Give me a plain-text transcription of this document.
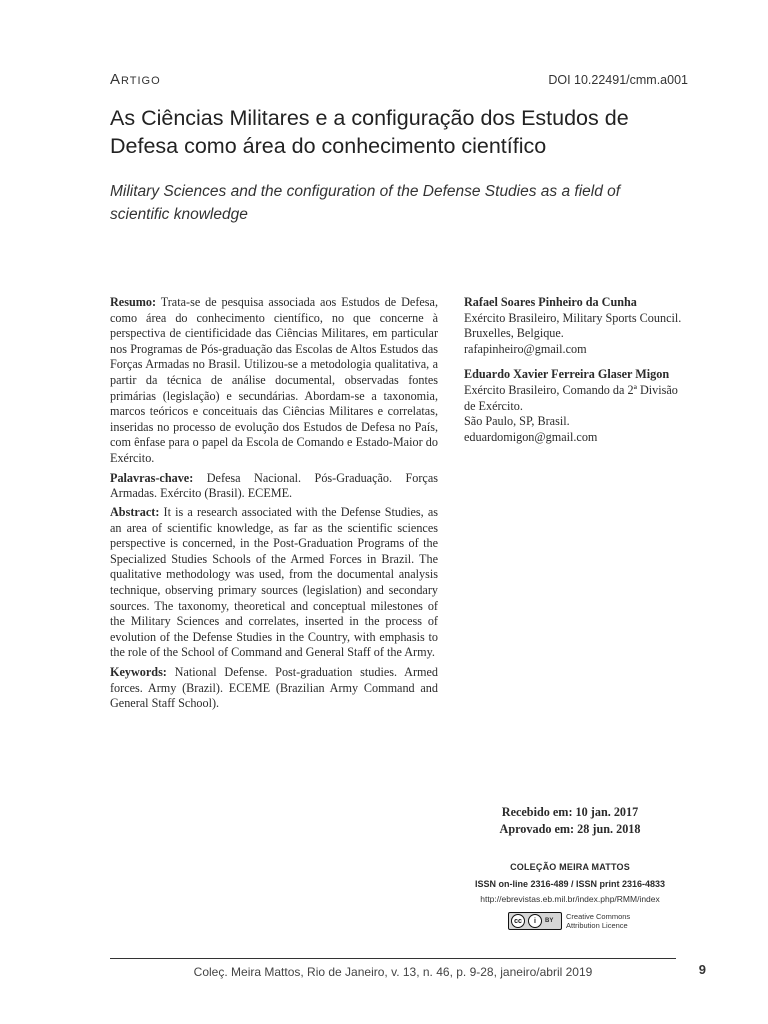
Artigo	DOI 10.22491/cmm.a001
As Ciências Militares e a configuração dos Estudos de Defesa como área do conhecimento científico
Military Sciences and the configuration of the Defense Studies as a field of scientific knowledge
Resumo: Trata-se de pesquisa associada aos Estudos de Defesa, como área do conhecimento científico, no que concerne à perspectiva de cientificidade das Ciências Militares, em particular nos Programas de Pós-graduação das Escolas de Altos Estudos das Forças Armadas no Brasil. Utilizou-se a metodologia qualitativa, a partir da técnica de análise documental, observadas fontes primárias (legislação) e secundárias. Abordam-se a taxonomia, marcos teóricos e conceituais das Ciências Militares e correlatas, inseridas no processo de evolução dos Estudos de Defesa no País, com ênfase para o papel da Escola de Comando e Estado-Maior do Exército.
Palavras-chave: Defesa Nacional. Pós-Graduação. Forças Armadas. Exército (Brasil). ECEME.
Abstract: It is a research associated with the Defense Studies, as an area of scientific knowledge, as far as the scientific sciences perspective is concerned, in the Post-Graduation Programs of the Specialized Studies Schools of the Armed Forces in Brazil. The qualitative methodology was used, from the documental analysis technique, observing primary sources (legislation) and secondary sources. The taxonomy, theoretical and conceptual milestones of the Military Sciences and correlates, inserted in the process of evolution of the Defense Studies in the Country, with emphasis to the role of the School of Command and General Staff of the Army.
Keywords: National Defense. Post-graduation studies. Armed forces. Army (Brazil). ECEME (Brazilian Army Command and General Staff School).
Rafael Soares Pinheiro da Cunha
Exército Brasileiro, Military Sports Council.
Bruxelles, Belgique.
rafapinheiro@gmail.com
Eduardo Xavier Ferreira Glaser Migon
Exército Brasileiro, Comando da 2ª Divisão de Exército.
São Paulo, SP, Brasil.
eduardomigon@gmail.com
Recebido em: 10 jan. 2017
Aprovado em: 28 jun. 2018
COLEÇÃO MEIRA MATTOS
ISSN on-line 2316-489 / ISSN print 2316-4833
http://ebrevistas.eb.mil.br/index.php/RMM/index
cc	i	BY Creative Commons
Attribution Licence
Coleç. Meira Mattos, Rio de Janeiro, v. 13, n. 46, p. 9-28, janeiro/abril 2019	9
